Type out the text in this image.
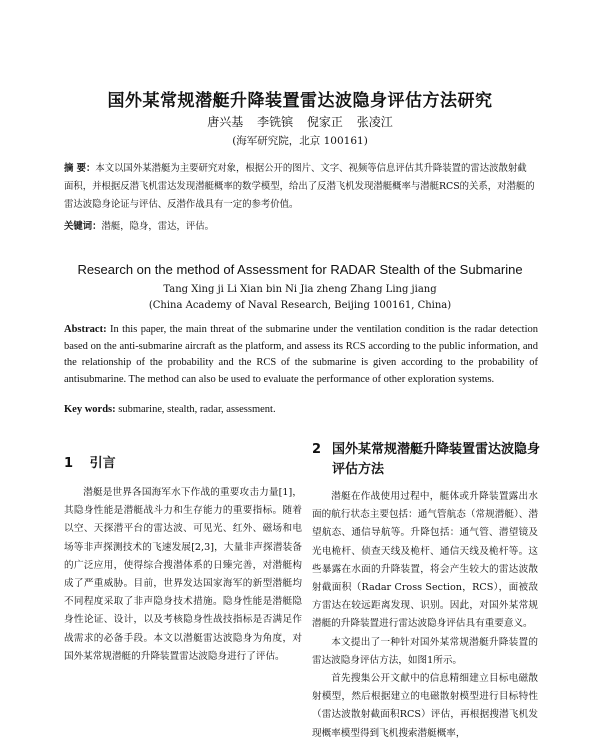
国外某常规潜艇升降装置雷达波隐身评估方法研究
唐兴基 李铣镔 倪家正 张凌江
(海军研究院，北京 100161)
摘 要：本文以国外某潜艇为主要研究对象，根据公开的图片、文字、视频等信息评估其升降装置的雷达波散射截面积，并根据反潜飞机雷达发现潜艇概率的数学模型，给出了反潜飞机发现潜艇概率与潜艇RCS的关系，对潜艇的雷达波隐身论证与评估、反潜作战具有一定的参考价值。
关键词：潜艇，隐身，雷达，评估。
Research on the method of Assessment for RADAR Stealth of the Submarine
Tang Xing ji Li Xian bin Ni Jia zheng Zhang Ling jiang
(China Academy of Naval Research, Beijing 100161, China)
Abstract: In this paper, the main threat of the submarine under the ventilation condition is the radar detection based on the anti-submarine aircraft as the platform, and assess its RCS according to the public information, and the relationship of the probability and the RCS of the submarine is given according to the probability of antisubmarine. The method can also be used to evaluate the performance of other exploration systems.
Key words: submarine, stealth, radar, assessment.
1 引言

潜艇是世界各国海军水下作战的重要攻击力量[1]，其隐身性能是潜艇战斗力和生存能力的重要指标。随着以空、天探潜平台的雷达波、可见光、红外、磁场和电场等非声探测技术的飞速发展[2,3]，大量非声探潜装备的广泛应用，使得综合搜潜体系的日臻完善，对潜艇构成了严重威胁。目前，世界发达国家海军的新型潜艇均不同程度采取了非声隐身技术措施。隐身性能是潜艇隐身性论证、设计，以及考核隐身性战技指标是否满足作战需求的必备手段。本文以潜艇雷达波隐身为角度，对国外某常规潜艇的升降装置雷达波隐身进行了评估。

2 国外某常规潜艇升降装置雷达波隐身评估方法

潜艇在作战使用过程中，艇体或升降装置露出水面的航行状态主要包括：通气管航态（常规潜艇）、潜望航态、通信导航等。升降包括：通气管、潜望镜及光电桅杆、侦查天线及桅杆、通信天线及桅杆等。这些暴露在水面的升降装置，将会产生较大的雷达波散射截面积（Radar Cross Section，RCS），面被敌方雷达在较远距离发现、识别。因此，对国外某常规潜艇的升降装置进行雷达波隐身评估具有重要意义。

本文提出了一种针对国外某常规潜艇升降装置的雷达波隐身评估方法，如图1所示。

首先搜集公开文献中的信息精细建立目标电磁散射模型，然后根据建立的电磁散射模型进行目标特性（雷达波散射截面积RCS）评估，再根据搜潜飞机发现概率模型得到飞机搜索潜艇概率，
